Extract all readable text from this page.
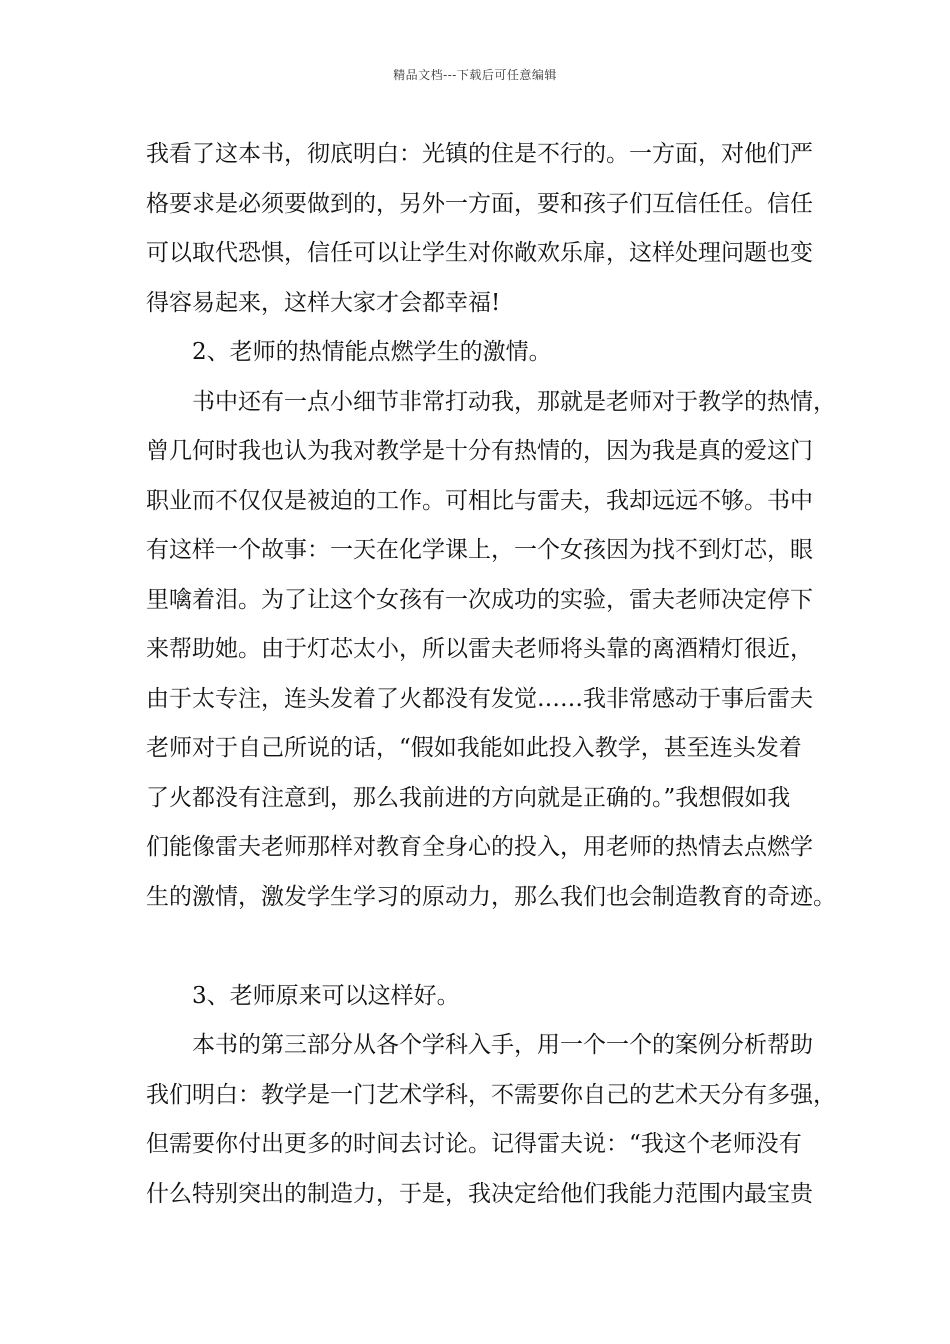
精品文档---下载后可任意编辑
我看了这本书，彻底明白：光镇的住是不行的。一方面，对他们严
格要求是必须要做到的，另外一方面，要和孩子们互信任任。信任
可以取代恐惧，信任可以让学生对你敞欢乐扉，这样处理问题也变
得容易起来，这样大家才会都幸福!
2、老师的热情能点燃学生的激情。
书中还有一点小细节非常打动我，那就是老师对于教学的热情，
曾几何时我也认为我对教学是十分有热情的，因为我是真的爱这门
职业而不仅仅是被迫的工作。可相比与雷夫，我却远远不够。书中
有这样一个故事：一天在化学课上，一个女孩因为找不到灯芯，眼
里噙着泪。为了让这个女孩有一次成功的实验，雷夫老师决定停下
来帮助她。由于灯芯太小，所以雷夫老师将头靠的离酒精灯很近，
由于太专注，连头发着了火都没有发觉……我非常感动于事后雷夫
老师对于自己所说的话，“假如我能如此投入教学，甚至连头发着
了火都没有注意到，那么我前进的方向就是正确的。”我想假如我
们能像雷夫老师那样对教育全身心的投入，用老师的热情去点燃学
生的激情，激发学生学习的原动力，那么我们也会制造教育的奇迹。
3、老师原来可以这样好。
本书的第三部分从各个学科入手，用一个一个的案例分析帮助
我们明白：教学是一门艺术学科，不需要你自己的艺术天分有多强，
但需要你付出更多的时间去讨论。记得雷夫说：“我这个老师没有
什么特别突出的制造力，于是，我决定给他们我能力范围内最宝贵
